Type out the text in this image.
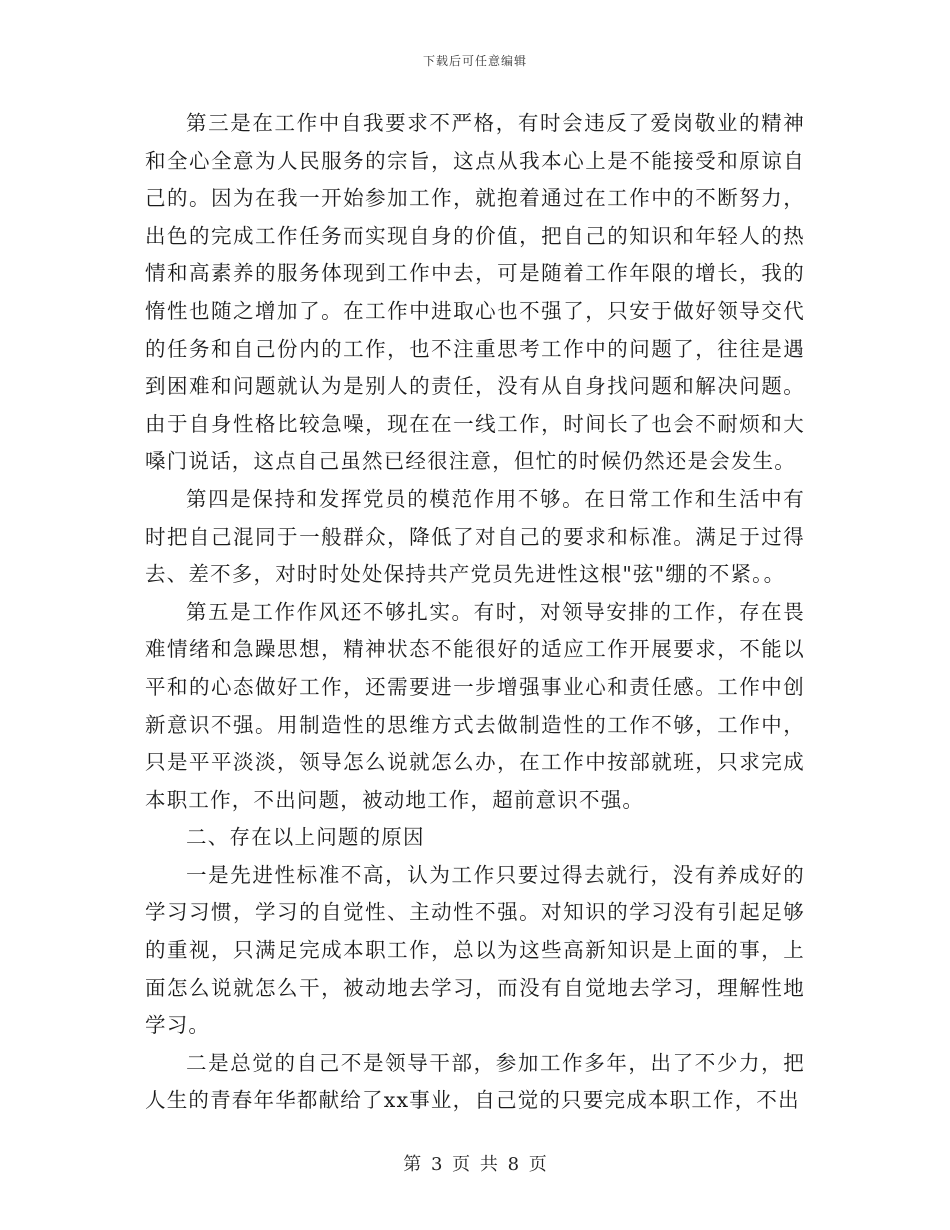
下载后可任意编辑

第三是在工作中自我要求不严格，有时会违反了爱岗敬业的精神和全心全意为人民服务的宗旨，这点从我本心上是不能接受和原谅自己的。因为在我一开始参加工作，就抱着通过在工作中的不断努力，出色的完成工作任务而实现自身的价值，把自己的知识和年轻人的热情和高素养的服务体现到工作中去，可是随着工作年限的增长，我的惰性也随之增加了。在工作中进取心也不强了，只安于做好领导交代的任务和自己份内的工作，也不注重思考工作中的问题了，往往是遇到困难和问题就认为是别人的责任，没有从自身找问题和解决问题。由于自身性格比较急噪，现在在一线工作，时间长了也会不耐烦和大嗓门说话，这点自己虽然已经很注意，但忙的时候仍然还是会发生。

第四是保持和发挥党员的模范作用不够。在日常工作和生活中有时把自己混同于一般群众，降低了对自己的要求和标准。满足于过得去、差不多，对时时处处保持共产党员先进性这根"弦"绷的不紧。。

第五是工作作风还不够扎实。有时，对领导安排的工作，存在畏难情绪和急躁思想，精神状态不能很好的适应工作开展要求，不能以平和的心态做好工作，还需要进一步增强事业心和责任感。工作中创新意识不强。用制造性的思维方式去做制造性的工作不够，工作中，只是平平淡淡，领导怎么说就怎么办，在工作中按部就班，只求完成本职工作，不出问题，被动地工作，超前意识不强。

二、存在以上问题的原因

一是先进性标准不高，认为工作只要过得去就行，没有养成好的学习习惯，学习的自觉性、主动性不强。对知识的学习没有引起足够的重视，只满足完成本职工作，总以为这些高新知识是上面的事，上面怎么说就怎么干，被动地去学习，而没有自觉地去学习，理解性地学习。

二是总觉的自己不是领导干部，参加工作多年，出了不少力，把人生的青春年华都献给了xx事业，自己觉的只要完成本职工作，不出

第 3 页 共 8 页
